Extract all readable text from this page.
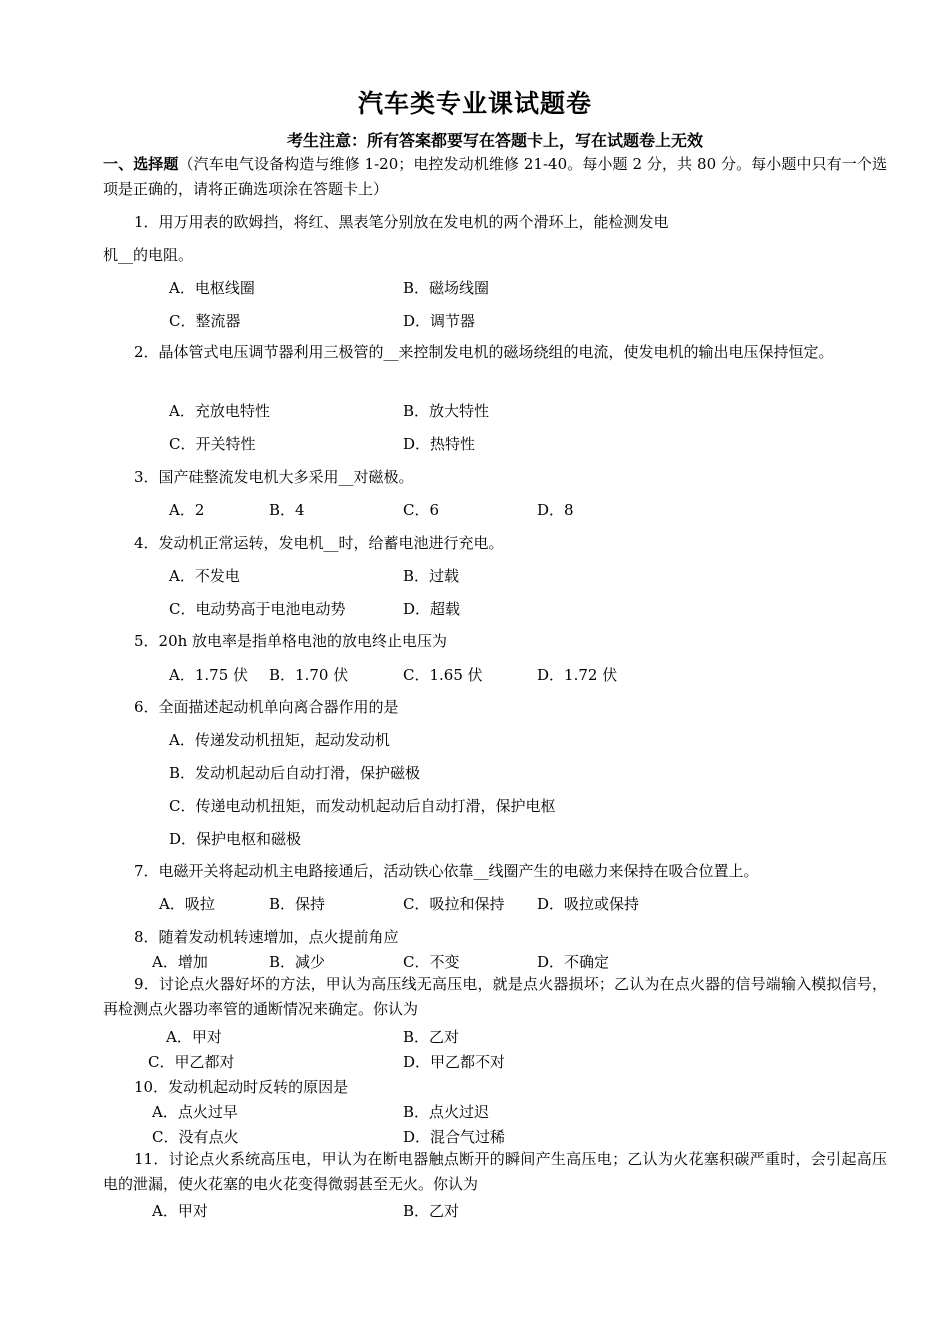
汽车类专业课试题卷
考生注意：所有答案都要写在答题卡上，写在试题卷上无效
一、选择题（汽车电气设备构造与维修 1-20；电控发动机维修 21-40。每小题 2 分，共 80 分。每小题中只有一个选项是正确的，请将正确选项涂在答题卡上）
1．用万用表的欧姆挡，将红、黑表笔分别放在发电机的两个滑环上，能检测发电
机__的电阻。
A．电枢线圈	B．磁场线圈
C．整流器	D．调节器
2．晶体管式电压调节器利用三极管的__来控制发电机的磁场绕组的电流，使发电机的输出电压保持恒定。
A．充放电特性	B．放大特性
C．开关特性	D．热特性
3．国产硅整流发电机大多采用__对磁极。
A．2	B．4	C．6	D．8
4．发动机正常运转，发电机__时，给蓄电池进行充电。
A．不发电	B．过载
C．电动势高于电池电动势	D．超载
5．20h 放电率是指单格电池的放电终止电压为
A．1.75 伏 B．1.70 伏	C．1.65 伏	D．1.72 伏
6．全面描述起动机单向离合器作用的是
A．传递发动机扭矩，起动发动机
B．发动机起动后自动打滑，保护磁极
C．传递电动机扭矩，而发动机起动后自动打滑，保护电枢
D．保护电枢和磁极
7．电磁开关将起动机主电路接通后，活动铁心依靠__线圈产生的电磁力来保持在吸合位置上。
A．吸拉	B．保持	C．吸拉和保持 D．吸拉或保持
8．随着发动机转速增加，点火提前角应
A．增加	B．减少	C．不变	D．不确定
9．讨论点火器好坏的方法，甲认为高压线无高压电，就是点火器损坏；乙认为在点火器的信号端输入模拟信号，再检测点火器功率管的通断情况来确定。你认为
A．甲对	B．乙对
C．甲乙都对	D．甲乙都不对
10．发动机起动时反转的原因是
A．点火过早	B．点火过迟
C．没有点火	D．混合气过稀
11．讨论点火系统高压电，甲认为在断电器触点断开的瞬间产生高压电；乙认为火花塞积碳严重时，会引起高压电的泄漏，使火花塞的电火花变得微弱甚至无火。你认为
A．甲对	B．乙对
